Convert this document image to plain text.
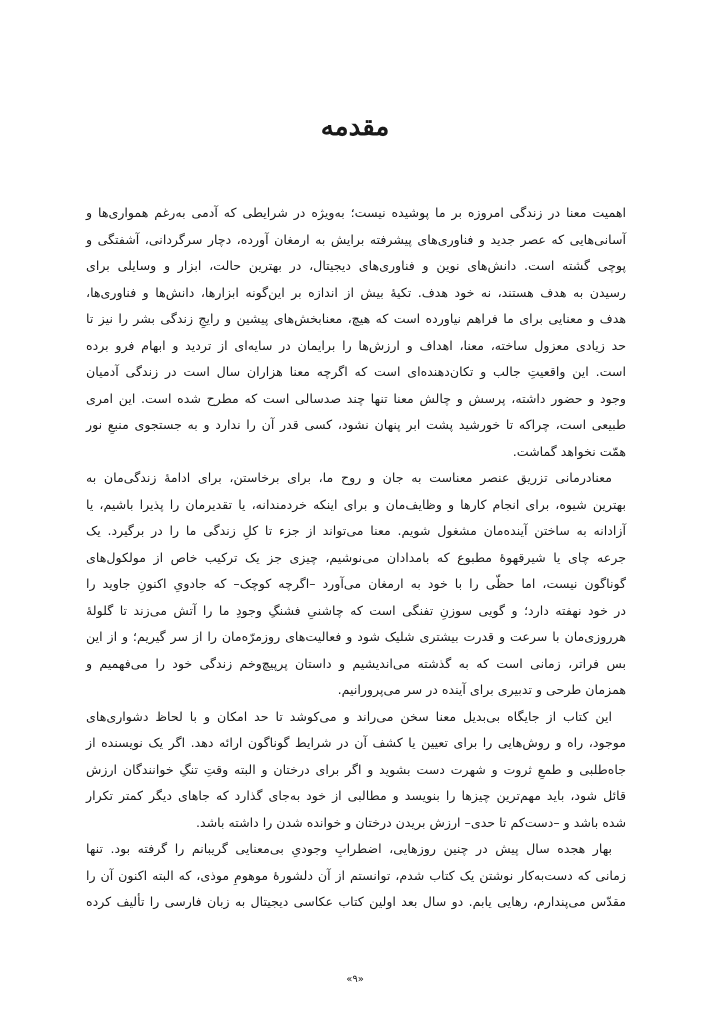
مقدمه
اهمیت معنا در زندگی امروزه بر ما پوشیده نیست؛ به‌ویژه در شرایطی که آدمی به‌رغم همواری‌ها و
آسانی‌هایی که عصر جدید و فناوری‌های پیشرفته برایش به ارمغان آورده، دچار سرگردانی، آشفتگی و
پوچی گشته است. دانش‌های نوین و فناوری‌های دیجیتال، در بهترین حالت، ابزار و وسایلی برای
رسیدن به هدف هستند، نه خود هدف. تکیهٔ بیش از اندازه بر این‌گونه ابزارها، دانش‌ها و فناوری‌ها،
هدف و معنایی برای ما فراهم نیاورده است که هیچ، معنابخش‌های پیشین و رایجِ زندگی بشر را نیز تا
حد زیادی معزول ساخته، معنا، اهداف و ارزش‌ها را برایمان در سایه‌ای از تردید و ابهام فرو برده
است. این واقعیتِ جالب و تکان‌دهنده‌ای است که اگرچه معنا هزاران سال است در زندگی آدمیان
وجود و حضور داشته، پرسش و چالش معنا تنها چند صدسالی است که مطرح شده است. این امری
طبیعی است، چراکه تا خورشید پشت ابر پنهان نشود، کسی قدر آن را ندارد و به جستجوی منبعِ نور
همّت نخواهد گماشت.
معنادرمانی تزریق عنصر معناست به جان و روح ما، برای برخاستن، برای ادامهٔ زندگی‌مان به
بهترین شیوه، برای انجام کارها و وظایف‌مان و برای اینکه خردمندانه، یا تقدیرمان را پذیرا باشیم، یا
آزادانه به ساختن آینده‌مان مشغول شویم. معنا می‌تواند از جزء تا کلِ زندگی ما را در برگیرد. یک
جرعه چای یا شیرقهوهٔ مطبوع که بامدادان می‌نوشیم، چیزی جز یک ترکیب خاص از مولکول‌های
گوناگون نیست، اما حظّی را با خود به ارمغان می‌آورد –اگرچه کوچک– که جادویِ اکنونِ جاوید را
در خود نهفته دارد؛ و گویی سوزنِ تفنگی است که چاشنیِ فشنگِ وجودِ ما را آتش می‌زند تا گلولهٔ
هرروزی‌مان با سرعت و قدرت بیشتری شلیک شود و فعالیت‌های روزمرّه‌مان را از سر گیریم؛ و از این
بس فراتر، زمانی است که به گذشته می‌اندیشیم و داستان پرپیچ‌وخم زندگی خود را می‌فهمیم و
همزمان طرحی و تدبیری برای آینده در سر می‌پرورانیم.
این کتاب از جایگاه بی‌بدیل معنا سخن می‌راند و می‌کوشد تا حد امکان و با لحاظ دشواری‌های
موجود، راه و روش‌هایی را برای تعیین یا کشف آن در شرایط گوناگون ارائه دهد. اگر یک نویسنده از
جاه‌طلبی و طمعِ ثروت و شهرت دست بشوید و اگر برای درختان و البته وقتِ تنگِ خوانندگان ارزش
قائل شود، باید مهم‌ترین چیزها را بنویسد و مطالبی از خود به‌جای گذارد که جاهای دیگر کمتر تکرار
شده باشد و –دست‌کم تا حدی– ارزش بریدن درختان و خوانده شدن را داشته باشد.
بهار هجده سال پیش در چنین روزهایی، اضطرابِ وجودیِ بی‌معنایی گریبانم را گرفته بود. تنها
زمانی که دست‌به‌کار نوشتن یک کتاب شدم، توانستم از آن دلشورهٔ موهومِ موذی، که البته اکنون آن را
مقدّس می‌پندارم، رهایی یابم. دو سال بعد اولین کتاب عکاسی دیجیتال به زبان فارسی را تألیف کرده
«۹»
